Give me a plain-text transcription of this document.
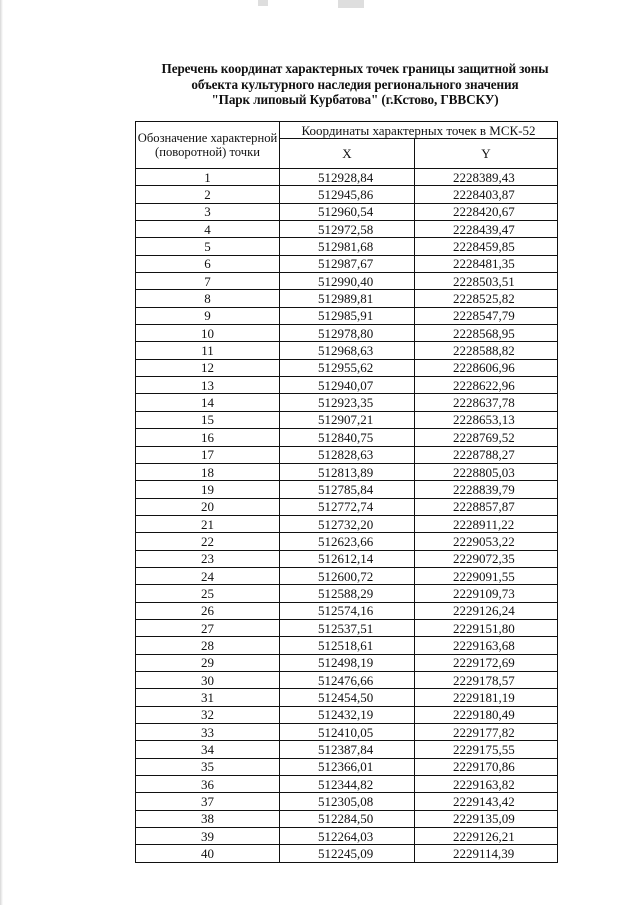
Перечень координат характерных точек границы защитной зоны
объекта культурного наследия регионального значения
"Парк липовый Курбатова" (г.Кстово, ГВВСКУ)
Обозначение характерной (поворотной) точки	Координаты характерных точек в МСК-52	
	X	Y
1	512928,84	2228389,43
2	512945,86	2228403,87
3	512960,54	2228420,67
4	512972,58	2228439,47
5	512981,68	2228459,85
6	512987,67	2228481,35
7	512990,40	2228503,51
8	512989,81	2228525,82
9	512985,91	2228547,79
10	512978,80	2228568,95
11	512968,63	2228588,82
12	512955,62	2228606,96
13	512940,07	2228622,96
14	512923,35	2228637,78
15	512907,21	2228653,13
16	512840,75	2228769,52
17	512828,63	2228788,27
18	512813,89	2228805,03
19	512785,84	2228839,79
20	512772,74	2228857,87
21	512732,20	2228911,22
22	512623,66	2229053,22
23	512612,14	2229072,35
24	512600,72	2229091,55
25	512588,29	2229109,73
26	512574,16	2229126,24
27	512537,51	2229151,80
28	512518,61	2229163,68
29	512498,19	2229172,69
30	512476,66	2229178,57
31	512454,50	2229181,19
32	512432,19	2229180,49
33	512410,05	2229177,82
34	512387,84	2229175,55
35	512366,01	2229170,86
36	512344,82	2229163,82
37	512305,08	2229143,42
38	512284,50	2229135,09
39	512264,03	2229126,21
40	512245,09	2229114,39
